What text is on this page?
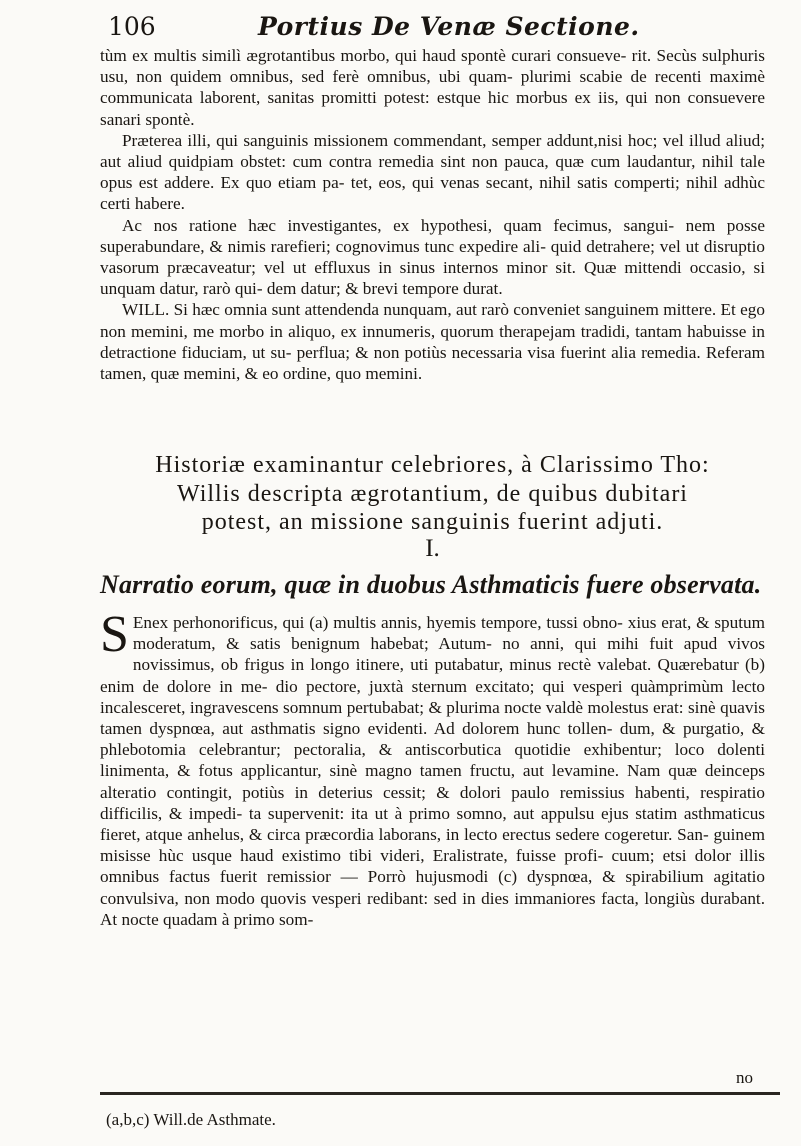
106	Portius De Venæ Sectione.

tùm ex multis similì ægrotantibus morbo, qui haud spontè curari consueve- rit. Secùs sulphuris usu, non quidem omnibus, sed ferè omnibus, ubi quam- plurimi scabie de recenti maximè communicata laborent, sanitas promitti potest: estque hic morbus ex iis, qui non consuevere sanari spontè.

Præterea illi, qui sanguinis missionem commendant, semper addunt,nisi hoc; vel illud aliud; aut aliud quidpiam obstet: cum contra remedia sint non pauca, quæ cum laudantur, nihil tale opus est addere. Ex quo etiam pa- tet, eos, qui venas secant, nihil satis comperti; nihil adhùc certi habere.

Ac nos ratione hæc investigantes, ex hypothesi, quam fecimus, sangui- nem posse superabundare, & nimis rarefieri; cognovimus tunc expedire ali- quid detrahere; vel ut disruptio vasorum præcaveatur; vel ut effluxus in sinus internos minor sit. Quæ mittendi occasio, si unquam datur, rarò qui- dem datur; & brevi tempore durat.

WILL. Si hæc omnia sunt attendenda nunquam, aut rarò conveniet sanguinem mittere. Et ego non memini, me morbo in aliquo, ex innumeris, quorum therapejam tradidi, tantam habuisse in detractione fiduciam, ut su- perflua; & non potiùs necessaria visa fuerint alia remedia. Referam tamen, quæ memini, & eo ordine, quo memini.

Historiæ examinantur celebriores, à Clarissimo Tho:
Willis descripta ægrotantium, de quibus dubitari
potest, an missione sanguinis fuerint adjuti.
I.
Narratio eorum, quæ in duobus Asthmaticis fuere observata.

S Enex perhonorificus, qui (a) multis annis, hyemis tempore, tussi obno- xius erat, & sputum moderatum, & satis benignum habebat; Autum- no anni, qui mihi fuit apud vivos novissimus, ob frigus in longo itinere, uti putabatur, minus rectè valebat. Quærebatur (b) enim de dolore in me- dio pectore, juxtà sternum excitato; qui vesperi quàmprimùm lecto incalesceret, ingravescens somnum pertubabat; & plurima nocte valdè molestus erat: sinè quavis tamen dyspnœa, aut asthmatis signo evidenti. Ad dolorem hunc tollen- dum, & purgatio, & phlebotomia celebrantur; pectoralia, & antiscorbutica quotidie exhibentur; loco dolenti linimenta, & fotus applicantur, sinè magno tamen fructu, aut levamine. Nam quæ deinceps alteratio contingit, potiùs in deterius cessit; & dolori paulo remissius habenti, respiratio difficilis, & impedi- ta supervenit: ita ut à primo somno, aut appulsu ejus statim asthmaticus fieret, atque anhelus, & circa præcordia laborans, in lecto erectus sedere cogeretur. San- guinem misisse hùc usque haud existimo tibi videri, Eralistrate, fuisse profi- cuum; etsi dolor illis omnibus factus fuerit remissior — Porrò hujusmodi (c) dyspnœa, & spirabilium agitatio convulsiva, non modo quovis vesperi redibant: sed in dies immaniores facta, longiùs durabant. At nocte quadam à primo som-

no
(a,b,c) Will.de Asthmate.
